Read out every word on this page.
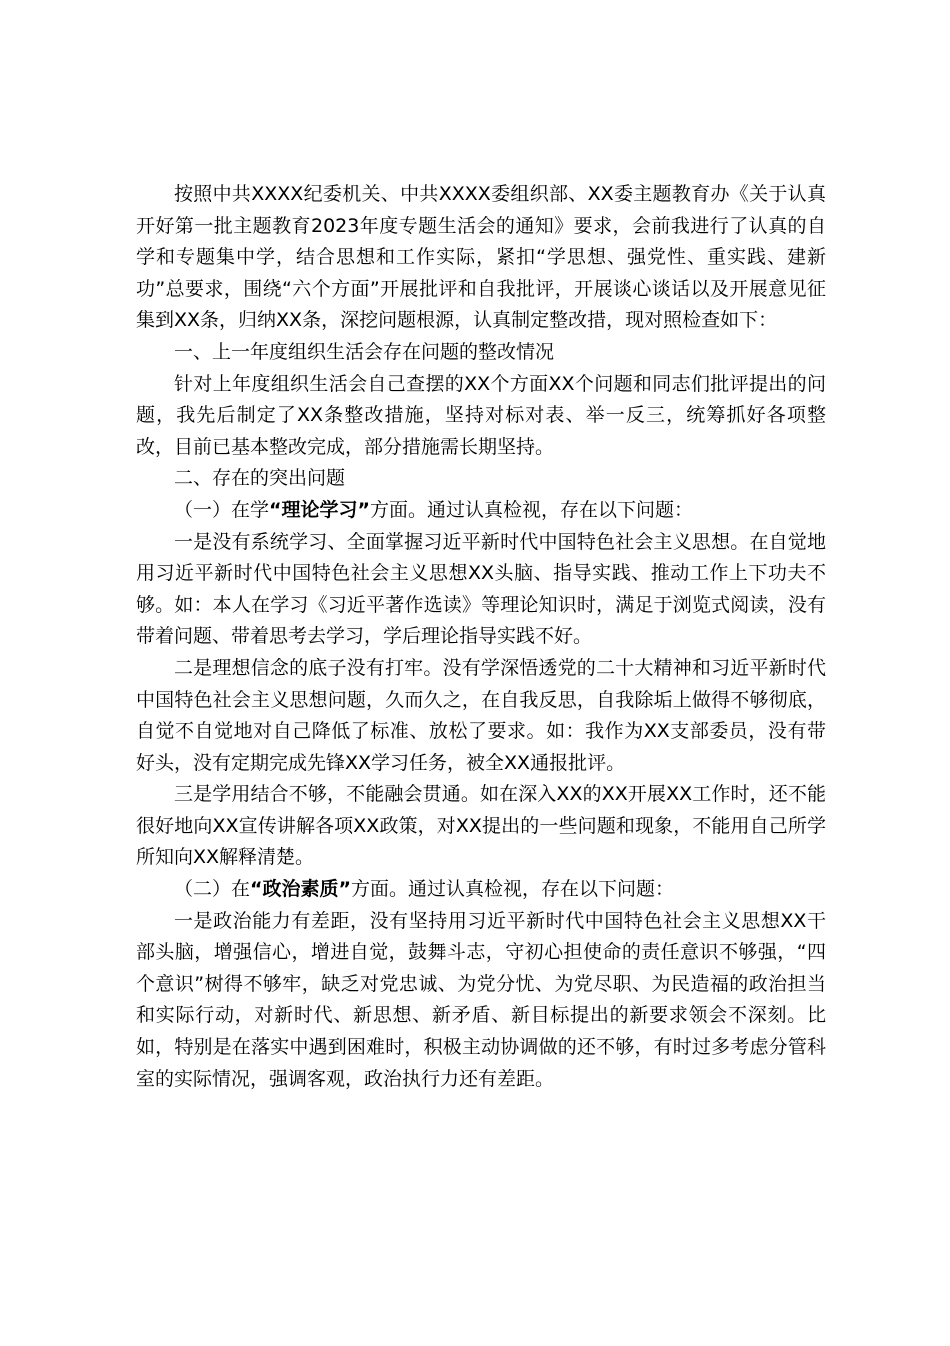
按照中共XXXX纪委机关、中共XXXX委组织部、XX委主题教育办《关于认真开好第一批主题教育2023年度专题生活会的通知》要求，会前我进行了认真的自学和专题集中学，结合思想和工作实际，紧扣“学思想、强党性、重实践、建新功”总要求，围绕“六个方面”开展批评和自我批评，开展谈心谈话以及开展意见征集到XX条，归纳XX条，深挖问题根源，认真制定整改措，现对照检查如下：

一、上一年度组织生活会存在问题的整改情况

针对上年度组织生活会自己查摆的XX个方面XX个问题和同志们批评提出的问题，我先后制定了XX条整改措施，坚持对标对表、举一反三，统筹抓好各项整改，目前已基本整改完成，部分措施需长期坚持。

二、存在的突出问题

（一）在学“理论学习”方面。通过认真检视，存在以下问题：

一是没有系统学习、全面掌握习近平新时代中国特色社会主义思想。在自觉地用习近平新时代中国特色社会主义思想XX头脑、指导实践、推动工作上下功夫不够。如：本人在学习《习近平著作选读》等理论知识时，满足于浏览式阅读，没有带着问题、带着思考去学习，学后理论指导实践不好。

二是理想信念的底子没有打牢。没有学深悟透党的二十大精神和习近平新时代中国特色社会主义思想问题，久而久之，在自我反思，自我除垢上做得不够彻底，自觉不自觉地对自己降低了标准、放松了要求。如：我作为XX支部委员，没有带好头，没有定期完成先锋XX学习任务，被全XX通报批评。

三是学用结合不够，不能融会贯通。如在深入XX的XX开展XX工作时，还不能很好地向XX宣传讲解各项XX政策，对XX提出的一些问题和现象，不能用自己所学所知向XX解释清楚。

（二）在“政治素质”方面。通过认真检视，存在以下问题：

一是政治能力有差距，没有坚持用习近平新时代中国特色社会主义思想XX干部头脑，增强信心，增进自觉，鼓舞斗志，守初心担使命的责任意识不够强，“四个意识”树得不够牢，缺乏对党忠诚、为党分忧、为党尽职、为民造福的政治担当和实际行动，对新时代、新思想、新矛盾、新目标提出的新要求领会不深刻。比如，特别是在落实中遇到困难时，积极主动协调做的还不够，有时过多考虑分管科室的实际情况，强调客观，政治执行力还有差距。
